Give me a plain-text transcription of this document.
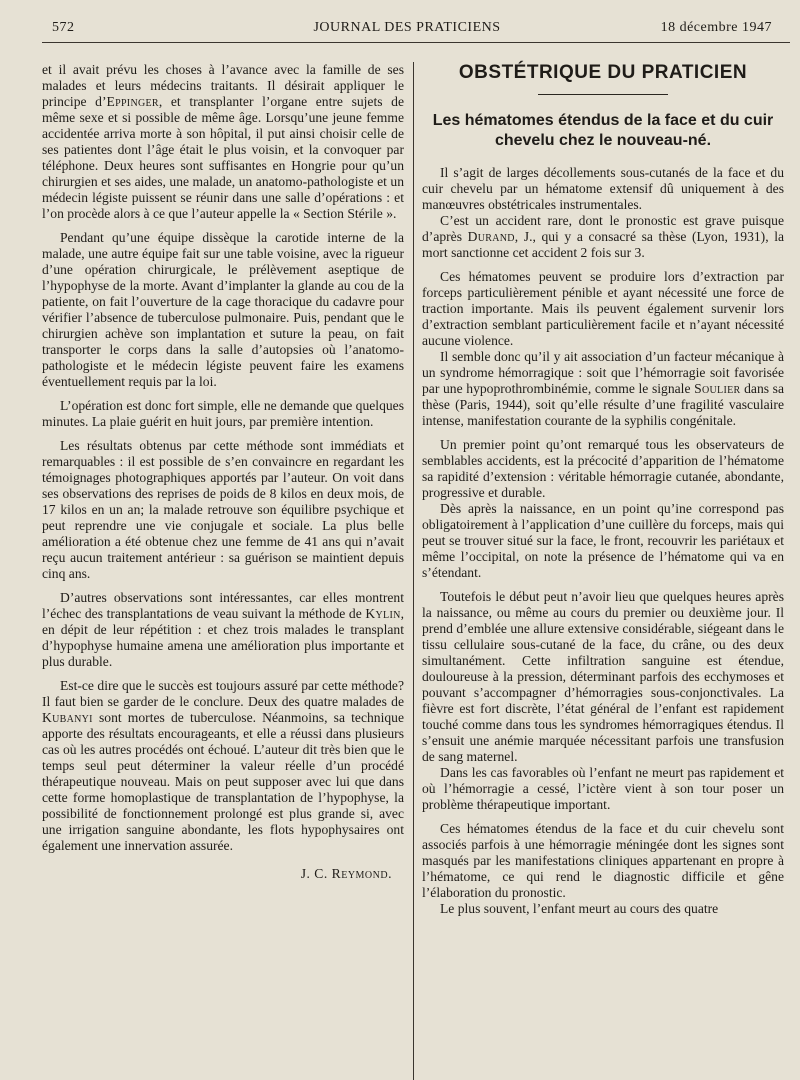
572	JOURNAL DES PRATICIENS	18 décembre 1947

et il avait prévu les choses à l’avance avec la famille de ses malades et leurs médecins traitants. Il désirait appliquer le principe d’Eppinger, et transplanter l’organe entre sujets de même sexe et si possible de même âge. Lorsqu’une jeune femme accidentée arriva morte à son hôpital, il put ainsi choisir celle de ses patientes dont l’âge était le plus voisin, et la convoquer par téléphone. Deux heures sont suffisantes en Hongrie pour qu’un chirurgien et ses aides, une malade, un anatomo-pathologiste et un médecin légiste puissent se réunir dans une salle d’opérations : et l’on procède alors à ce que l’auteur appelle la « Section Stérile ».

Pendant qu’une équipe dissèque la carotide interne de la malade, une autre équipe fait sur une table voisine, avec la rigueur d’une opération chirurgicale, le prélèvement aseptique de l’hypophyse de la morte. Avant d’implanter la glande au cou de la patiente, on fait l’ouverture de la cage thoracique du cadavre pour vérifier l’absence de tuberculose pulmonaire. Puis, pendant que le chirurgien achève son implantation et suture la peau, on fait transporter le corps dans la salle d’autopsies où l’anatomo-pathologiste et le médecin légiste peuvent faire les examens éventuellement requis par la loi.

L’opération est donc fort simple, elle ne demande que quelques minutes. La plaie guérit en huit jours, par première intention.

Les résultats obtenus par cette méthode sont immédiats et remarquables : il est possible de s’en convaincre en regardant les témoignages photographiques apportés par l’auteur. On voit dans ses observations des reprises de poids de 8 kilos en deux mois, de 17 kilos en un an; la malade retrouve son équilibre psychique et peut reprendre une vie conjugale et sociale. La plus belle amélioration a été obtenue chez une femme de 41 ans qui n’avait reçu aucun traitement antérieur : sa guérison se maintient depuis cinq ans.

D’autres observations sont intéressantes, car elles montrent l’échec des transplantations de veau suivant la méthode de Kylin, en dépit de leur répétition : et chez trois malades le transplant d’hypophyse humaine amena une amélioration plus importante et plus durable.

Est-ce dire que le succès est toujours assuré par cette méthode? Il faut bien se garder de le conclure. Deux des quatre malades de Kubanyi sont mortes de tuberculose. Néanmoins, sa technique apporte des résultats encourageants, et elle a réussi dans plusieurs cas où les autres procédés ont échoué. L’auteur dit très bien que le temps seul peut déterminer la valeur réelle d’un procédé thérapeutique nouveau. Mais on peut supposer avec lui que dans cette forme homoplastique de transplantation de l’hypophyse, la possibilité de fonctionnement prolongé est plus grande si, avec une irrigation sanguine abondante, les flots hypophysaires ont également une innervation assurée.

J. C. Reymond.
OBSTÉTRIQUE DU PRATICIEN
Les hématomes étendus de la face et du cuir chevelu chez le nouveau-né.

Il s’agit de larges décollements sous-cutanés de la face et du cuir chevelu par un hématome extensif dû uniquement à des manœuvres obstétricales instrumentales.

C’est un accident rare, dont le pronostic est grave puisque d’après Durand, J., qui y a consacré sa thèse (Lyon, 1931), la mort sanctionne cet accident 2 fois sur 3.

Ces hématomes peuvent se produire lors d’extraction par forceps particulièrement pénible et ayant nécessité une force de traction importante. Mais ils peuvent également survenir lors d’extraction semblant particulièrement facile et n’ayant nécessité aucune violence.

Il semble donc qu’il y ait association d’un facteur mécanique à un syndrome hémorragique : soit que l’hémorragie soit favorisée par une hypoprothrombinémie, comme le signale Soulier dans sa thèse (Paris, 1944), soit qu’elle résulte d’une fragilité vasculaire intense, manifestation courante de la syphilis congénitale.

Un premier point qu’ont remarqué tous les observateurs de semblables accidents, est la précocité d’apparition de l’hématome sa rapidité d’extension : véritable hémorragie cutanée, abondante, progressive et durable.

Dès après la naissance, en un point qu’ine correspond pas obligatoirement à l’application d’une cuillère du forceps, mais qui peut se trouver situé sur la face, le front, recouvrir les pariétaux et même l’occipital, on note la présence de l’hématome qui va en s’étendant.

Toutefois le début peut n’avoir lieu que quelques heures après la naissance, ou même au cours du premier ou deuxième jour. Il prend d’emblée une allure extensive considérable, siégeant dans le tissu cellulaire sous-cutané de la face, du crâne, ou des deux simultanément. Cette infiltration sanguine est étendue, douloureuse à la pression, déterminant parfois des ecchymoses et pouvant s’accompagner d’hémorragies sous-conjonctivales. La fièvre est fort discrète, l’état général de l’enfant est rapidement touché comme dans tous les syndromes hémorragiques étendus. Il s’ensuit une anémie marquée nécessitant parfois une transfusion de sang maternel.

Dans les cas favorables où l’enfant ne meurt pas rapidement et où l’hémorragie a cessé, l’ictère vient à son tour poser un problème thérapeutique important.

Ces hématomes étendus de la face et du cuir chevelu sont associés parfois à une hémorragie méningée dont les signes sont masqués par les manifestations cliniques appartenant en propre à l’hématome, ce qui rend le diagnostic difficile et gêne l’élaboration du pronostic.

Le plus souvent, l’enfant meurt au cours des quatre
